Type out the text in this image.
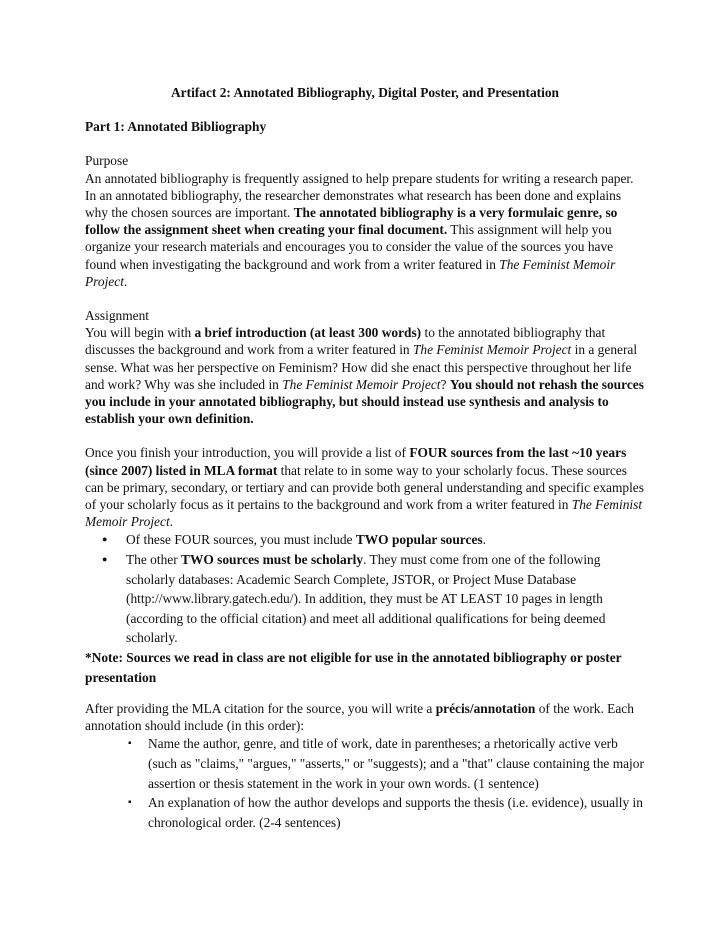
Artifact 2: Annotated Bibliography, Digital Poster, and Presentation

Part 1: Annotated Bibliography

Purpose

An annotated bibliography is frequently assigned to help prepare students for writing a research paper. In an annotated bibliography, the researcher demonstrates what research has been done and explains why the chosen sources are important. The annotated bibliography is a very formulaic genre, so follow the assignment sheet when creating your final document. This assignment will help you organize your research materials and encourages you to consider the value of the sources you have found when investigating the background and work from a writer featured in The Feminist Memoir Project.

Assignment

You will begin with a brief introduction (at least 300 words) to the annotated bibliography that discusses the background and work from a writer featured in The Feminist Memoir Project in a general sense. What was her perspective on Feminism? How did she enact this perspective throughout her life and work? Why was she included in The Feminist Memoir Project? You should not rehash the sources you include in your annotated bibliography, but should instead use synthesis and analysis to establish your own definition.

Once you finish your introduction, you will provide a list of FOUR sources from the last ~10 years (since 2007) listed in MLA format that relate to in some way to your scholarly focus. These sources can be primary, secondary, or tertiary and can provide both general understanding and specific examples of your scholarly focus as it pertains to the background and work from a writer featured in The Feminist Memoir Project.

● Of these FOUR sources, you must include TWO popular sources.
● The other TWO sources must be scholarly. They must come from one of the following scholarly databases: Academic Search Complete, JSTOR, or Project Muse Database (http://www.library.gatech.edu/). In addition, they must be AT LEAST 10 pages in length (according to the official citation) and meet all additional qualifications for being deemed scholarly.

*Note: Sources we read in class are not eligible for use in the annotated bibliography or poster presentation

After providing the MLA citation for the source, you will write a précis/annotation of the work. Each annotation should include (in this order):

▪ Name the author, genre, and title of work, date in parentheses; a rhetorically active verb (such as "claims," "argues," "asserts," or "suggests); and a "that" clause containing the major assertion or thesis statement in the work in your own words. (1 sentence)
▪ An explanation of how the author develops and supports the thesis (i.e. evidence), usually in chronological order. (2-4 sentences)
